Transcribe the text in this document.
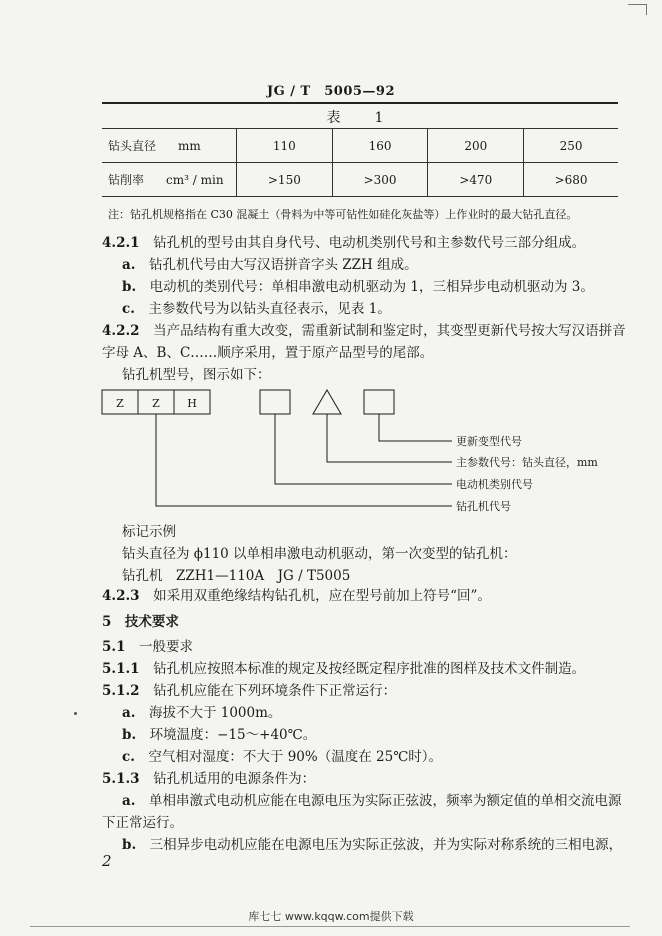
JG / T　5005—92
表　1
钻头直径 mm	110	160	200	250
钻削率 cm³ / min	>150	>300	>470	>680
注：钻孔机规格指在 C30 混凝土（骨料为中等可钻性如硅化灰盐等）上作业时的最大钻孔直径。
4.2.1　 钻孔机的型号由其自身代号、电动机类别代号和主参数代号三部分组成。
a.　 钻孔机代号由大写汉语拼音字头 ZZH 组成。
b.　 电动机的类别代号：单相串激电动机驱动为 1，三相异步电动机驱动为 3。
c.　 主参数代号为以钻头直径表示，见表 1。
4.2.2　 当产品结构有重大改变，需重新试制和鉴定时，其变型更新代号按大写汉语拼音
字母 A、B、C……顺序采用，置于原产品型号的尾部。
钻孔机型号，图示如下：
Z	Z H
更新变型代号
主参数代号：钻头直径，mm
电动机类别代号
钻孔机代号
标记示例
钻头直径为 ϕ110 以单相串激电动机驱动，第一次变型的钻孔机：
钻孔机　ZZH1—110A　JG / T5005
4.2.3　 如采用双重绝缘结构钻孔机，应在型号前加上符号“回”。
5　 技术要求
5.1　 一般要求
5.1.1　 钻孔机应按照本标准的规定及按经既定程序批准的图样及技术文件制造。
5.1.2　 钻孔机应能在下列环境条件下正常运行：
a.　 海拔不大于 1000m。
b.　 环境温度：−15～+40℃。
c.　 空气相对湿度：不大于 90%（温度在 25℃时）。
5.1.3　 钻孔机适用的电源条件为：
a.　 单相串激式电动机应能在电源电压为实际正弦波，频率为额定值的单相交流电源
下正常运行。
b.　 三相异步电动机应能在电源电压为实际正弦波，并为实际对称系统的三相电源，
2
库七七 www.kqqw.com提供下载
